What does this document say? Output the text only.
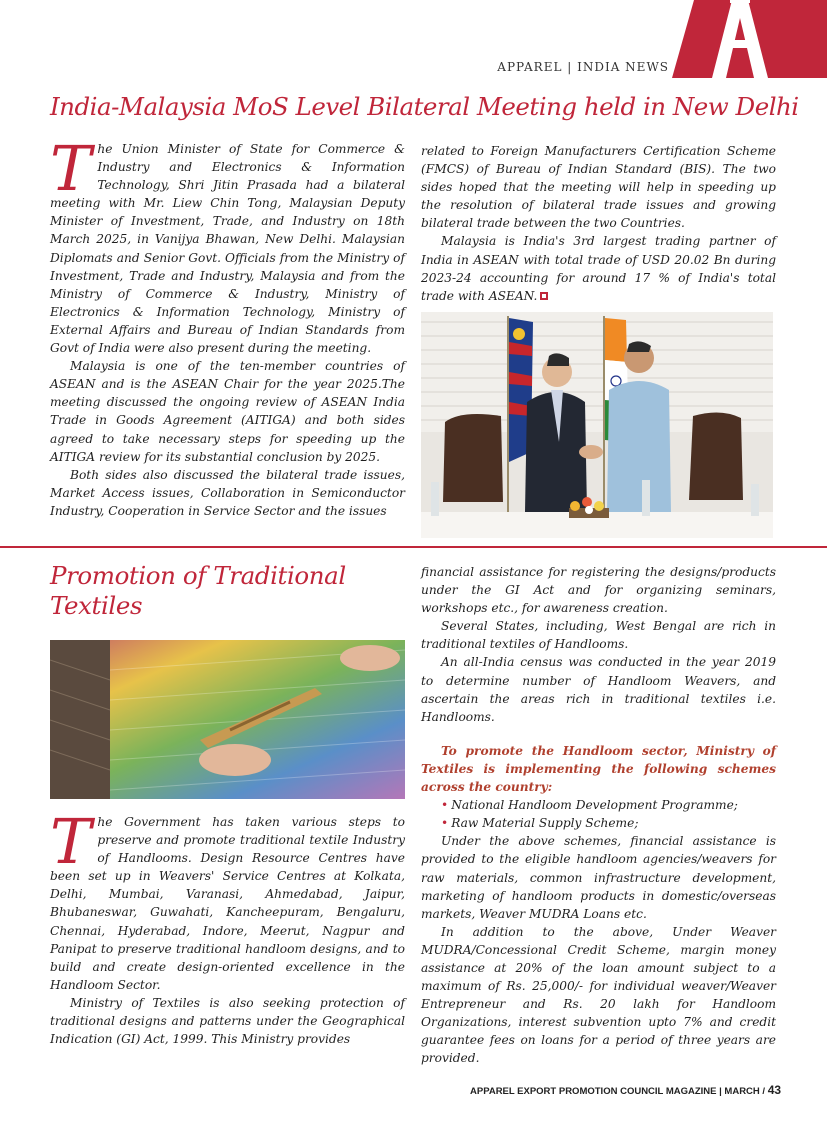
APPAREL | INDIA NEWS
India-Malaysia MoS Level Bilateral Meeting held in New Delhi

The Union Minister of State for Commerce & Industry and Electronics & Information Technology, Shri Jitin Prasada had a bilateral meeting with Mr. Liew Chin Tong, Malaysian Deputy Minister of Investment, Trade, and Industry on 18th March 2025, in Vanijya Bhawan, New Delhi. Malaysian Diplomats and Senior Govt. Officials from the Ministry of Investment, Trade and Industry, Malaysia and from the Ministry of Commerce & Industry, Ministry of Electronics & Information Technology, Ministry of External Affairs and Bureau of Indian Standards from Govt of India were also present during the meeting.

Malaysia is one of the ten-member countries of ASEAN and is the ASEAN Chair for the year 2025.The meeting discussed the ongoing review of ASEAN India Trade in Goods Agreement (AITIGA) and both sides agreed to take necessary steps for speeding up the AITIGA review for its substantial conclusion by 2025.

Both sides also discussed the bilateral trade issues, Market Access issues, Collaboration in Semiconductor Industry, Cooperation in Service Sector and the issues

related to Foreign Manufacturers Certification Scheme (FMCS) of Bureau of Indian Standard (BIS). The two sides hoped that the meeting will help in speeding up the resolution of bilateral trade issues and growing bilateral trade between the two Countries.

Malaysia is India's 3rd largest trading partner of India in ASEAN with total trade of USD 20.02 Bn during 2023-24 accounting for around 17 % of India's total trade with ASEAN.

Promotion of Traditional Textiles

The Government has taken various steps to preserve and promote traditional textile Industry of Handlooms. Design Resource Centres have been set up in Weavers' Service Centres at Kolkata, Delhi, Mumbai, Varanasi, Ahmedabad, Jaipur, Bhubaneswar, Guwahati, Kancheepuram, Bengaluru, Chennai, Hyderabad, Indore, Meerut, Nagpur and Panipat to preserve traditional handloom designs, and to build and create design-oriented excellence in the Handloom Sector.

Ministry of Textiles is also seeking protection of traditional designs and patterns under the Geographical Indication (GI) Act, 1999. This Ministry provides

financial assistance for registering the designs/products under the GI Act and for organizing seminars, workshops etc., for awareness creation.

Several States, including, West Bengal are rich in traditional textiles of Handlooms.

An all-India census was conducted in the year 2019 to determine number of Handloom Weavers, and ascertain the areas rich in traditional textiles i.e. Handlooms.

To promote the Handloom sector, Ministry of Textiles is implementing the following schemes across the country:

• National Handloom Development Programme;

• Raw Material Supply Scheme;

Under the above schemes, financial assistance is provided to the eligible handloom agencies/weavers for raw materials, common infrastructure development, marketing of handloom products in domestic/overseas markets, Weaver MUDRA Loans etc.

In addition to the above, Under Weaver MUDRA/Concessional Credit Scheme, margin money assistance at 20% of the loan amount subject to a maximum of Rs. 25,000/- for individual weaver/Weaver Entrepreneur and Rs. 20 lakh for Handloom Organizations, interest subvention upto 7% and credit guarantee fees on loans for a period of three years are provided.

APPAREL EXPORT PROMOTION COUNCIL MAGAZINE | MARCH / 43
